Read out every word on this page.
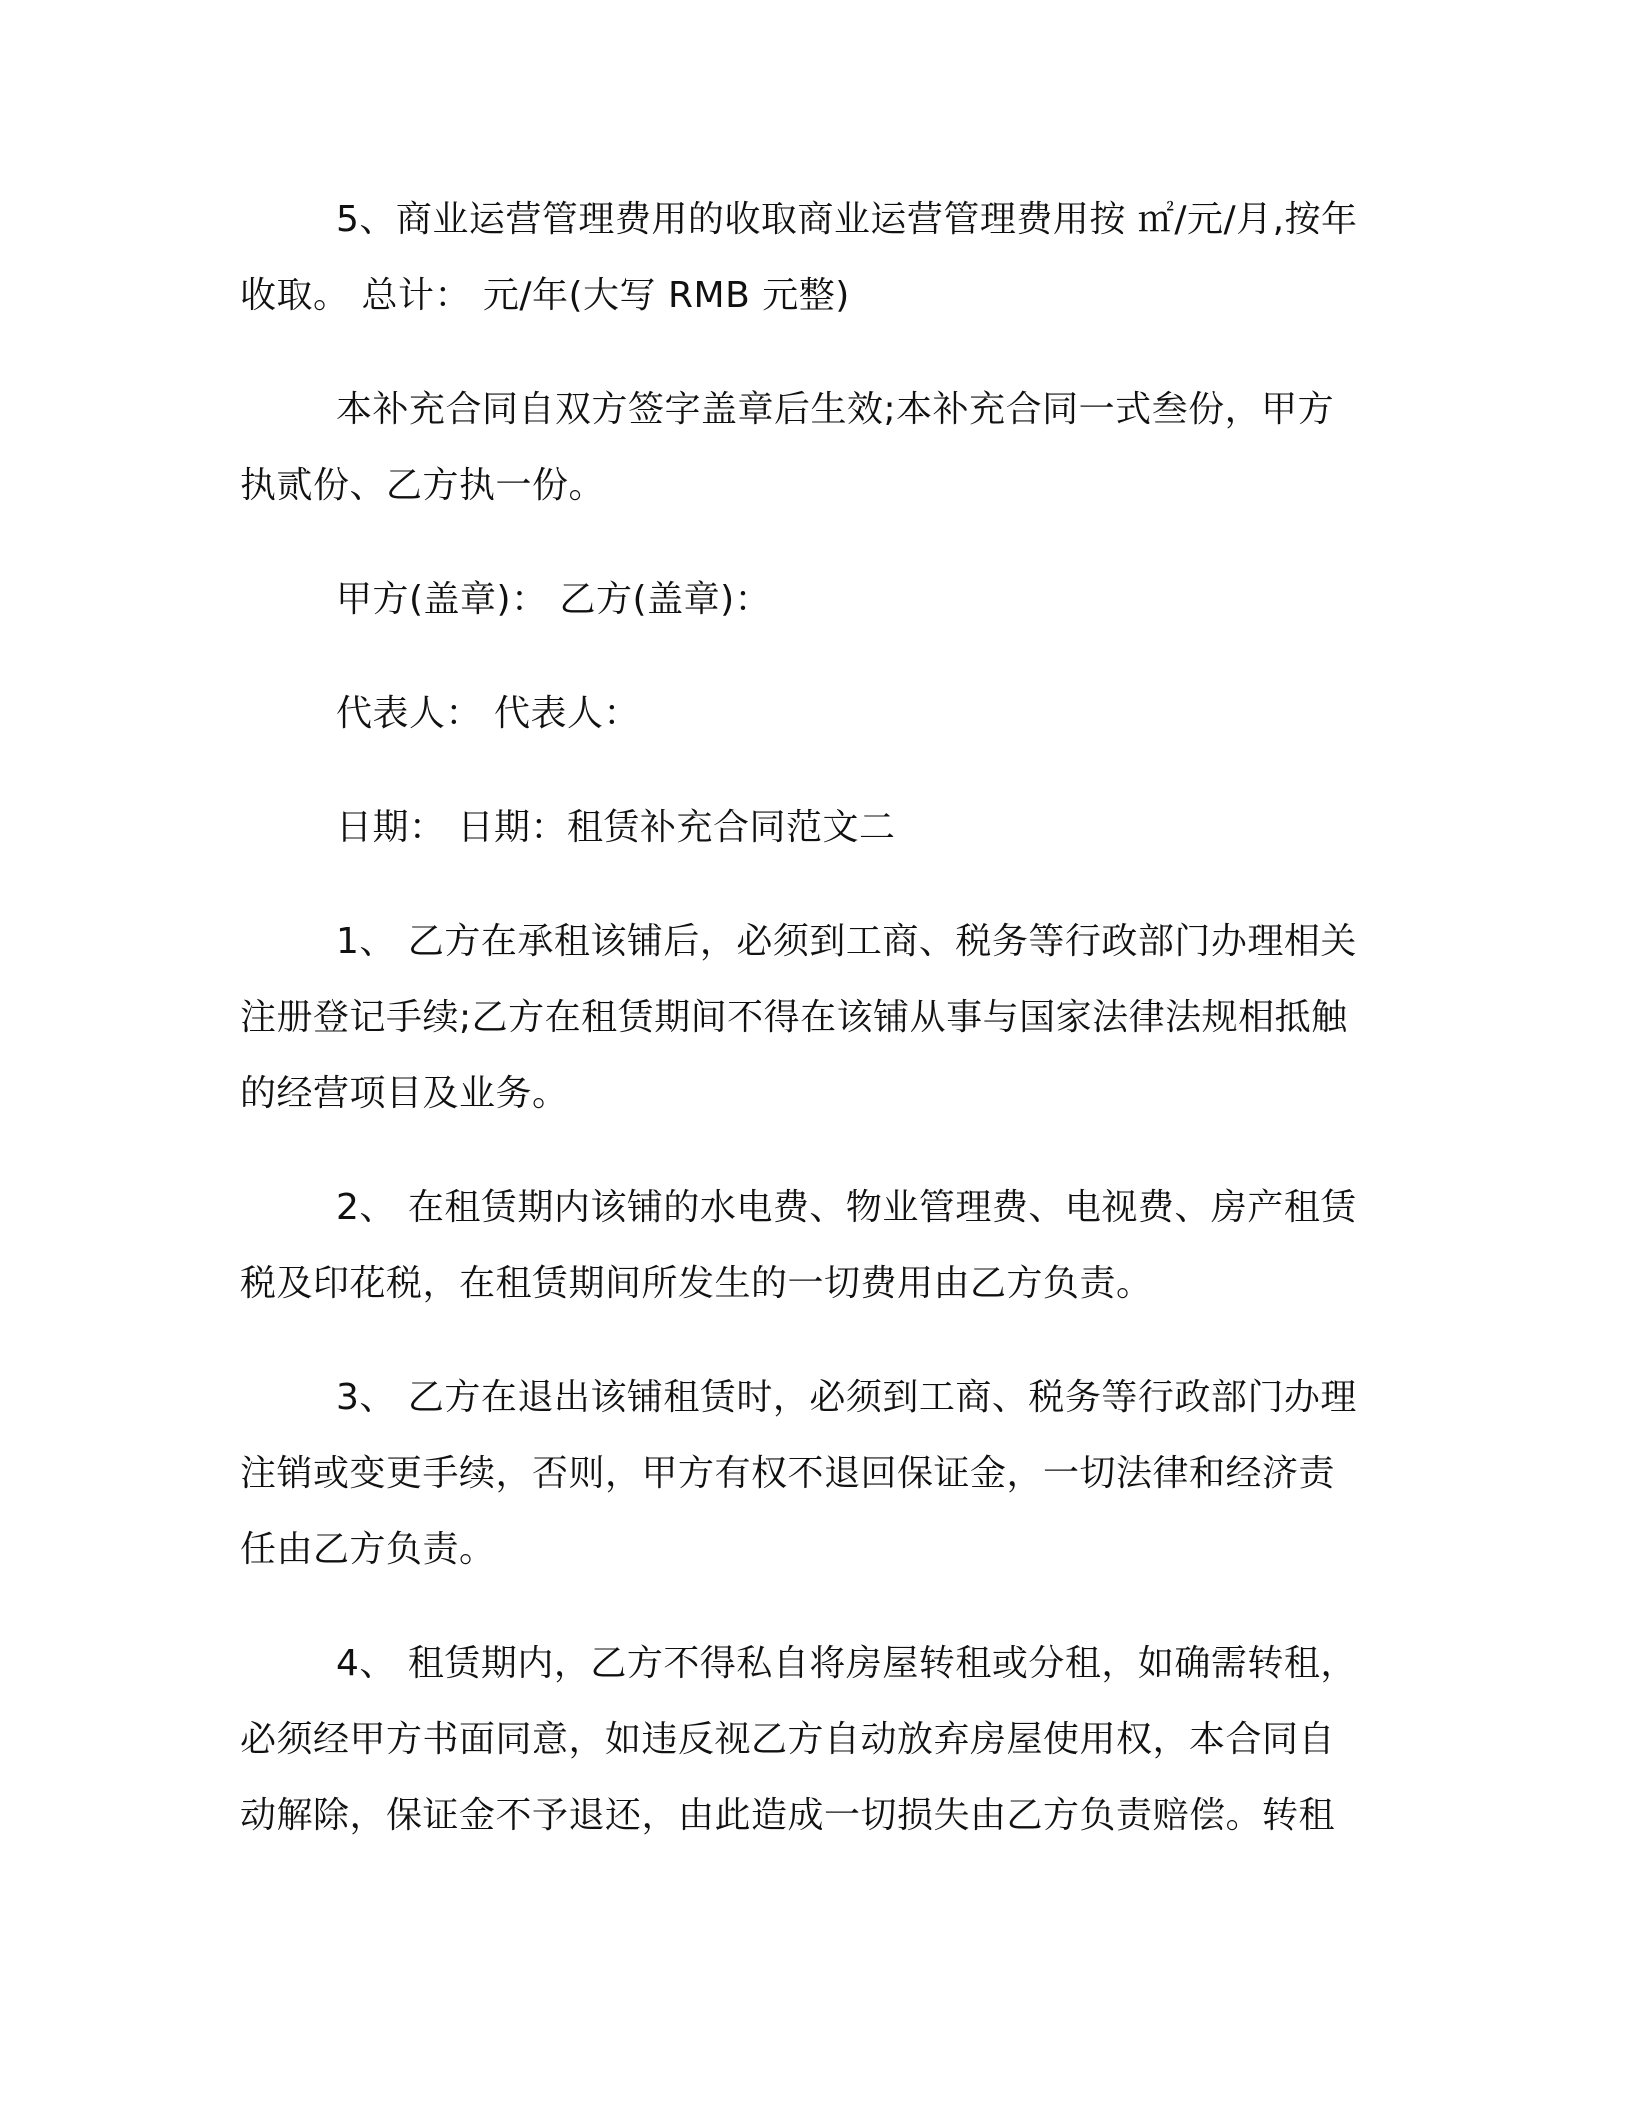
5、商业运营管理费用的收取商业运营管理费用按 ㎡/元/月,按年
收取。 总计： 元/年(大写 RMB 元整)

本补充合同自双方签字盖章后生效;本补充合同一式叁份，甲方
执贰份、乙方执一份。

甲方(盖章)： 乙方(盖章)：

代表人： 代表人：

日期： 日期：租赁补充合同范文二

1、 乙方在承租该铺后，必须到工商、税务等行政部门办理相关
注册登记手续;乙方在租赁期间不得在该铺从事与国家法律法规相抵触
的经营项目及业务。

2、 在租赁期内该铺的水电费、物业管理费、电视费、房产租赁
税及印花税，在租赁期间所发生的一切费用由乙方负责。

3、 乙方在退出该铺租赁时，必须到工商、税务等行政部门办理
注销或变更手续，否则，甲方有权不退回保证金，一切法律和经济责
任由乙方负责。

4、 租赁期内，乙方不得私自将房屋转租或分租，如确需转租，
必须经甲方书面同意，如违反视乙方自动放弃房屋使用权，本合同自
动解除，保证金不予退还，由此造成一切损失由乙方负责赔偿。转租
